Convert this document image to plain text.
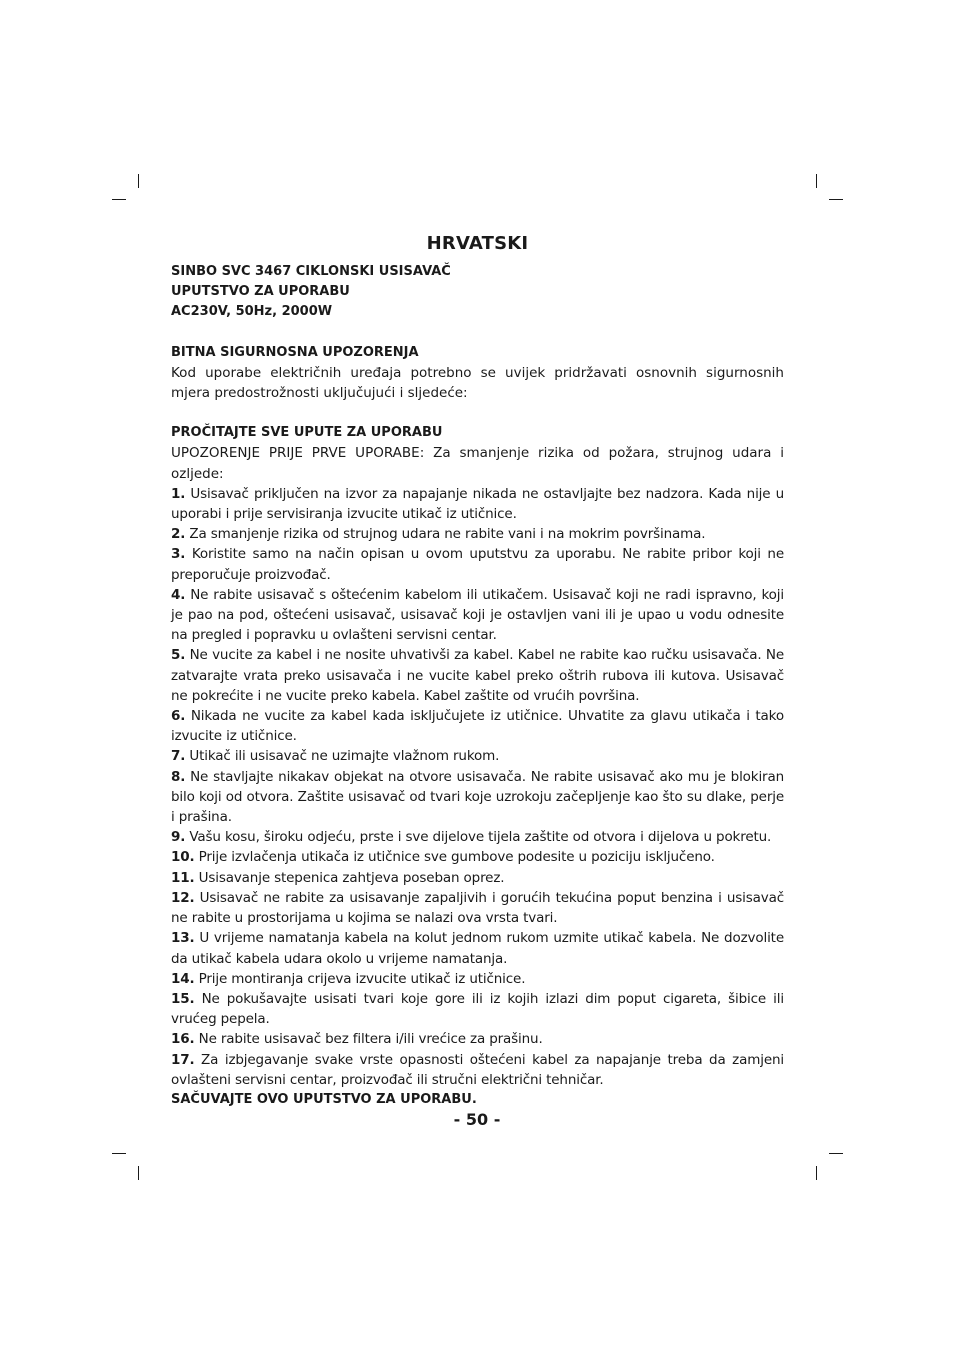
HRVATSKI

SINBO SVC 3467 CIKLONSKI USISAVAČ

UPUTSTVO ZA UPORABU

AC230V, 50Hz, 2000W

BITNA SIGURNOSNA UPOZORENJA

Kod uporabe električnih uređaja potrebno se uvijek pridržavati osnovnih sigurnosnih mjera predostrožnosti uključujući i sljedeće:

PROČITAJTE SVE UPUTE ZA UPORABU

UPOZORENJE PRIJE PRVE UPORABE: Za smanjenje rizika od požara, strujnog udara i ozljede:

1. Usisavač priključen na izvor za napajanje nikada ne ostavljajte bez nadzora. Kada nije u uporabi i prije servisiranja izvucite utikač iz utičnice.

2. Za smanjenje rizika od strujnog udara ne rabite vani i na mokrim površinama.

3. Koristite samo na način opisan u ovom uputstvu za uporabu. Ne rabite pribor koji ne preporučuje proizvođač.

4. Ne rabite usisavač s oštećenim kabelom ili utikačem. Usisavač koji ne radi ispravno, koji je pao na pod, oštećeni usisavač, usisavač koji je ostavljen vani ili je upao u vodu odnesite na pregled i popravku u ovlašteni servisni centar.

5. Ne vucite za kabel i ne nosite uhvativši za kabel. Kabel ne rabite kao ručku usisavača. Ne zatvarajte vrata preko usisavača i ne vucite kabel preko oštrih rubova ili kutova. Usisavač ne pokrećite i ne vucite preko kabela. Kabel zaštite od vrućih površina.

6. Nikada ne vucite za kabel kada isključujete iz utičnice. Uhvatite za glavu utikača i tako izvucite iz utičnice.

7. Utikač ili usisavač ne uzimajte vlažnom rukom.

8. Ne stavljajte nikakav objekat na otvore usisavača. Ne rabite usisavač ako mu je blokiran bilo koji od otvora. Zaštite usisavač od tvari koje uzrokoju začepljenje kao što su dlake, perje i prašina.

9. Vašu kosu, široku odjeću, prste i sve dijelove tijela zaštite od otvora i dijelova u pokretu.

10. Prije izvlačenja utikača iz utičnice sve gumbove podesite u poziciju isključeno.

11. Usisavanje stepenica zahtjeva poseban oprez.

12. Usisavač ne rabite za usisavanje zapaljivih i gorućih tekućina poput benzina i usisavač ne rabite u prostorijama u kojima se nalazi ova vrsta tvari.

13. U vrijeme namatanja kabela na kolut jednom rukom uzmite utikač kabela. Ne dozvolite da utikač kabela udara okolo u vrijeme namatanja.

14. Prije montiranja crijeva izvucite utikač iz utičnice.

15. Ne pokušavajte usisati tvari koje gore ili iz kojih izlazi dim poput cigareta, šibice ili vrućeg pepela.

16. Ne rabite usisavač bez filtera i/ili vrećice za prašinu.

17. Za izbjegavanje svake vrste opasnosti oštećeni kabel za napajanje treba da zamjeni ovlašteni servisni centar, proizvođač ili stručni električni tehničar.

SAČUVAJTE OVO UPUTSTVO ZA UPORABU.

- 50 -
